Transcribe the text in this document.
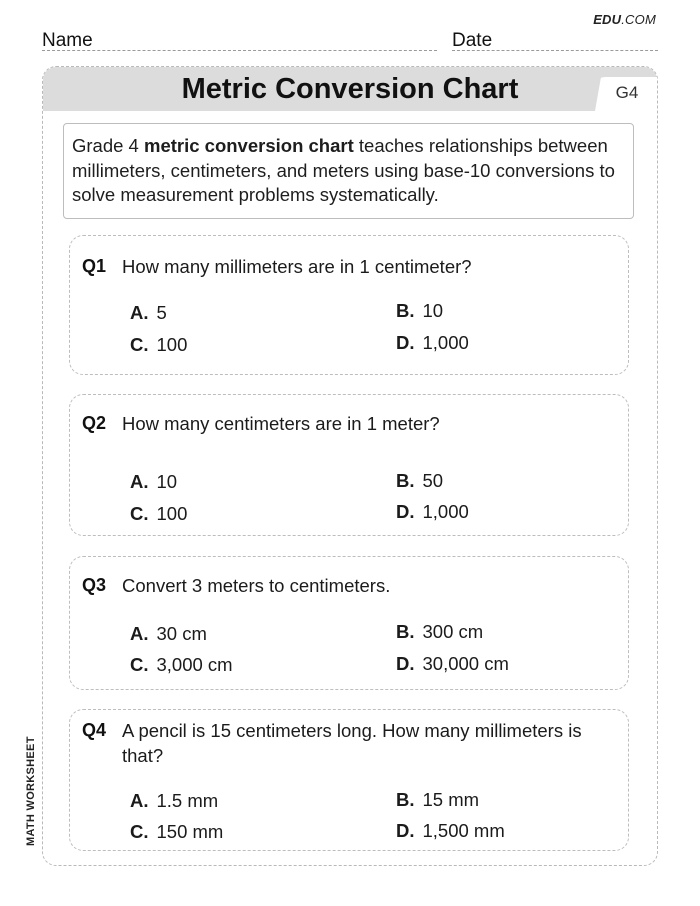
EDU.COM
Name	Date
Metric Conversion Chart	G4
Grade 4 metric conversion chart teaches relationships between millimeters, centimeters, and meters using base-10 conversions to solve measurement problems systematically.
Q1 How many millimeters are in 1 centimeter?
A. 5	B. 10
C. 100	D. 1,000
Q2 How many centimeters are in 1 meter?
A. 10	B. 50
C. 100	D. 1,000
Q3 Convert 3 meters to centimeters.
A. 30 cm	B. 300 cm
C. 3,000 cm	D. 30,000 cm
Q4 A pencil is 15 centimeters long. How many millimeters is that?
A. 1.5 mm	B. 15 mm
C. 150 mm	D. 1,500 mm
MATH WORKSHEET
